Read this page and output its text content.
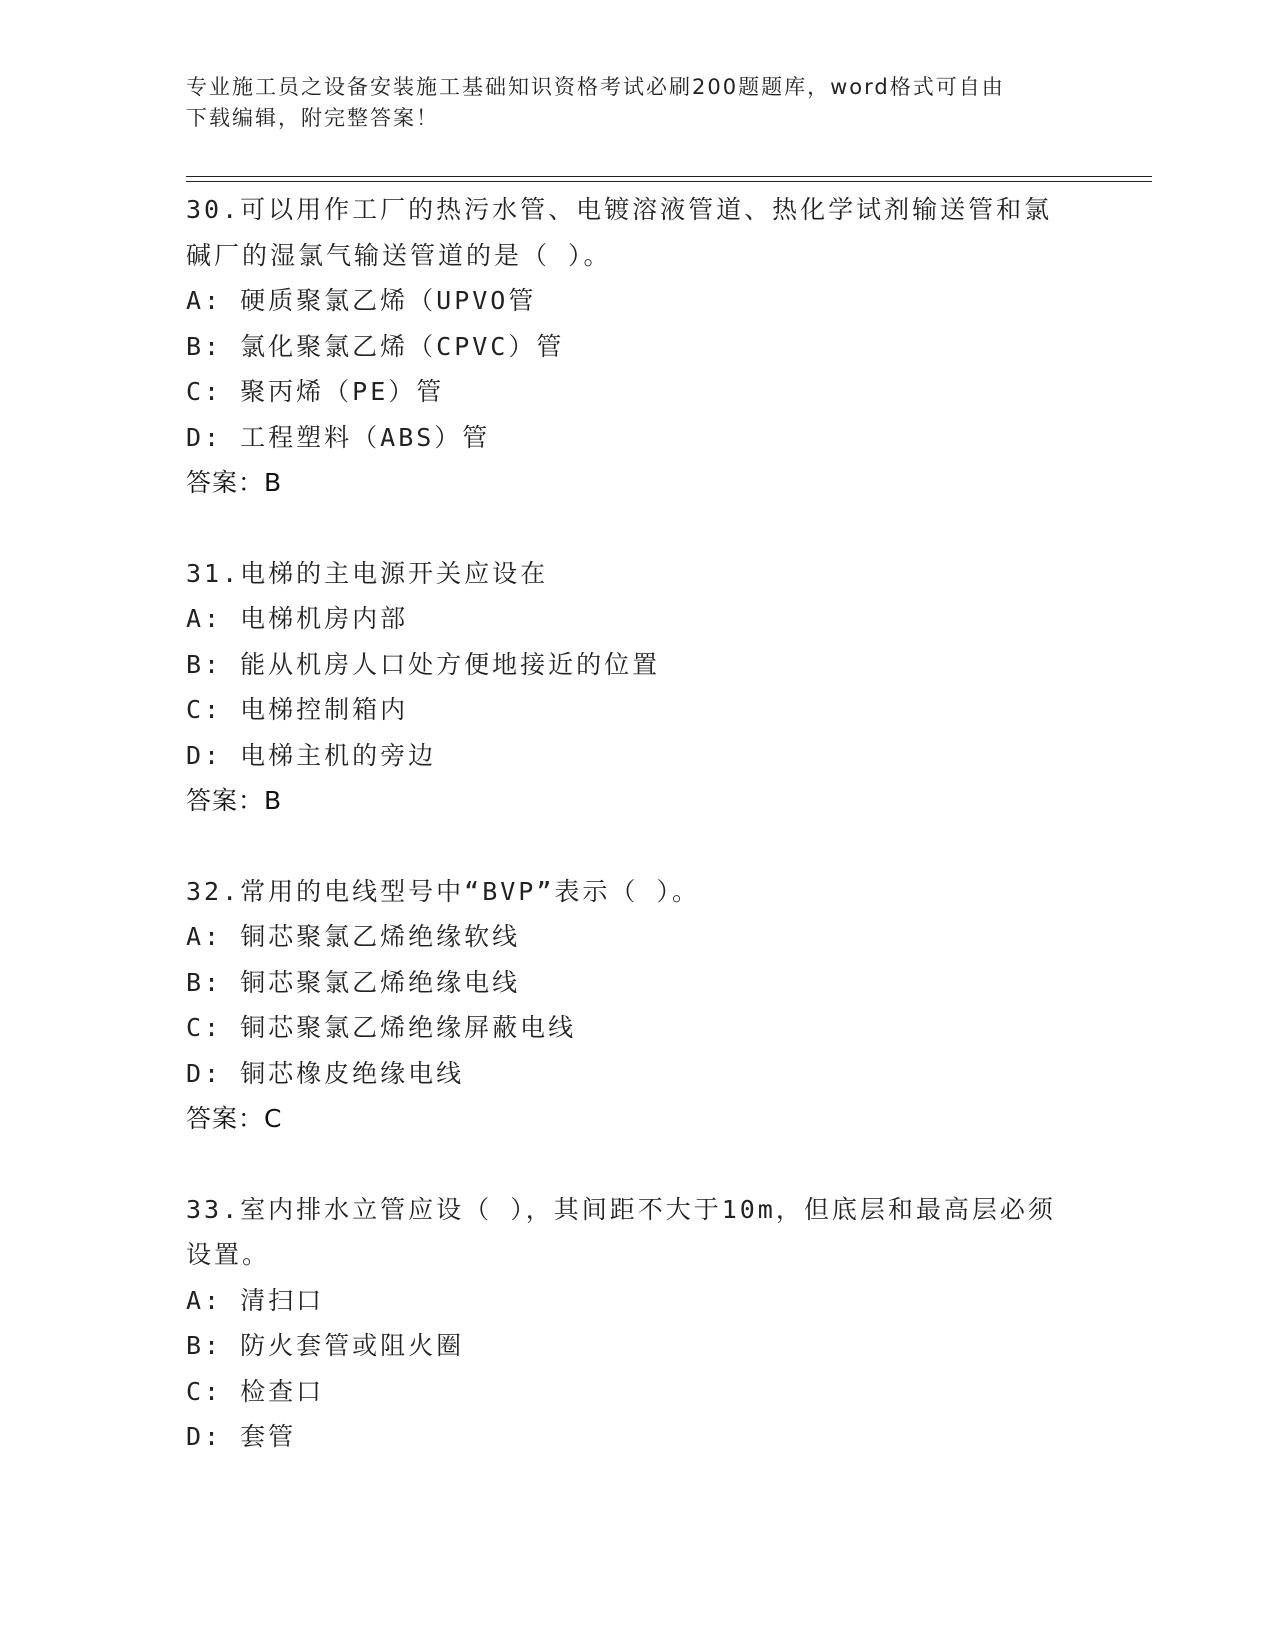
专业施工员之设备安装施工基础知识资格考试必刷200题题库，word格式可自由
下载编辑，附完整答案！
30.可以用作工厂的热污水管、电镀溶液管道、热化学试剂输送管和氯
碱厂的湿氯气输送管道的是（ ）。
A: 硬质聚氯乙烯（UPVO管
B: 氯化聚氯乙烯（CPVC）管
C: 聚丙烯（PE）管
D: 工程塑料（ABS）管
答案：B
31.电梯的主电源开关应设在
A: 电梯机房内部
B: 能从机房人口处方便地接近的位置
C: 电梯控制箱内
D: 电梯主机的旁边
答案：B
32.常用的电线型号中“BVP”表示（ ）。
A: 铜芯聚氯乙烯绝缘软线
B: 铜芯聚氯乙烯绝缘电线
C: 铜芯聚氯乙烯绝缘屏蔽电线
D: 铜芯橡皮绝缘电线
答案：C
33.室内排水立管应设（ ），其间距不大于10m，但底层和最高层必须
设置。
A: 清扫口
B: 防火套管或阻火圈
C: 检查口
D: 套管
